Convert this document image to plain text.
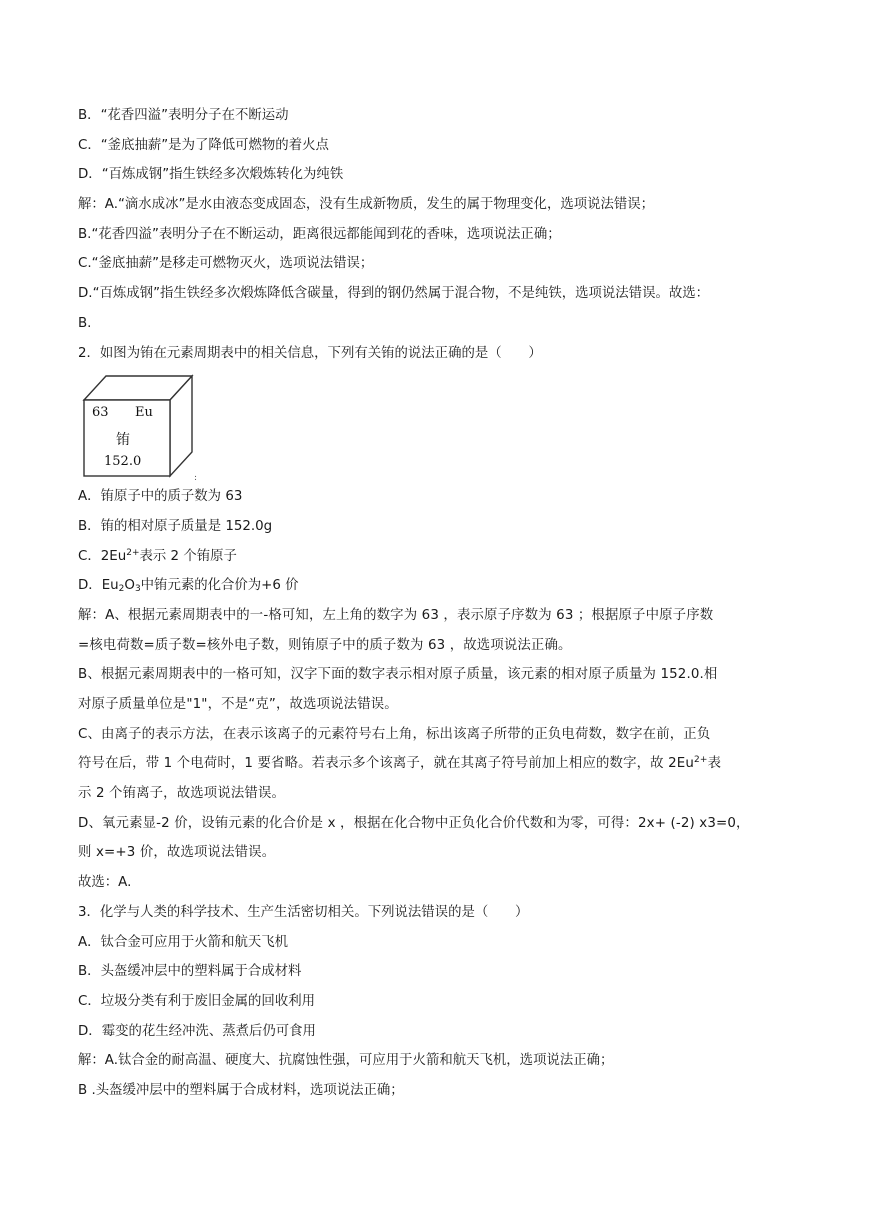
B．“花香四溢”表明分子在不断运动
C．“釜底抽薪”是为了降低可燃物的着火点
D．“百炼成钢”指生铁经多次煅炼转化为纯铁
解：A.“滴水成冰”是水由液态变成固态，没有生成新物质，发生的属于物理变化，选项说法错误；
B.“花香四溢”表明分子在不断运动，距离很远都能闻到花的香味，选项说法正确；
C.“釜底抽薪”是移走可燃物灭火，选项说法错误；
D.“百炼成钢”指生铁经多次煅炼降低含碳量，得到的钢仍然属于混合物，不是纯铁，选项说法错误。故选：
B.
2．如图为铕在元素周期表中的相关信息，下列有关铕的说法正确的是（　　）
:
63 Eu
铕
152.0
A．铕原子中的质子数为 63
B．铕的相对原子质量是 152.0g
C．$2Eu^{2+}$表示 2 个铕原子
D．$Eu_2O_3$中铕元素的化合价为+6 价
解：A、根据元素周期表中的一-格可知，左上角的数字为 63 ，表示原子序数为 63 ；根据原子中原子序数
=核电荷数=质子数=核外电子数，则铕原子中的质子数为 63 ，故选项说法正确。
B、根据元素周期表中的一格可知，汉字下面的数字表示相对原子质量，该元素的相对原子质量为 152.0.相
对原子质量单位是"1"，不是“克”，故选项说法错误。
C、由离子的表示方法，在表示该离子的元素符号右上角，标出该离子所带的正负电荷数，数字在前，正负
符号在后，带 1 个电荷时，1 要省略。若表示多个该离子，就在其离子符号前加上相应的数字，故 $2Eu^{2+}$表
示 2 个铕离子，故选项说法错误。
D、氧元素显-2 价，设铕元素的化合价是 x ，根据在化合物中正负化合价代数和为零，可得：2x+ (-2) x3=0，
则 x=+3 价，故选项说法错误。
故选：A.
3．化学与人类的科学技术、生产生活密切相关。下列说法错误的是（　　）
A．钛合金可应用于火箭和航天飞机
B．头盔缓冲层中的塑料属于合成材料
C．垃圾分类有利于废旧金属的回收利用
D．霉变的花生经冲洗、蒸煮后仍可食用
解：A.钛合金的耐高温、硬度大、抗腐蚀性强，可应用于火箭和航天飞机，选项说法正确；
B .头盔缓冲层中的塑料属于合成材料，选项说法正确；
